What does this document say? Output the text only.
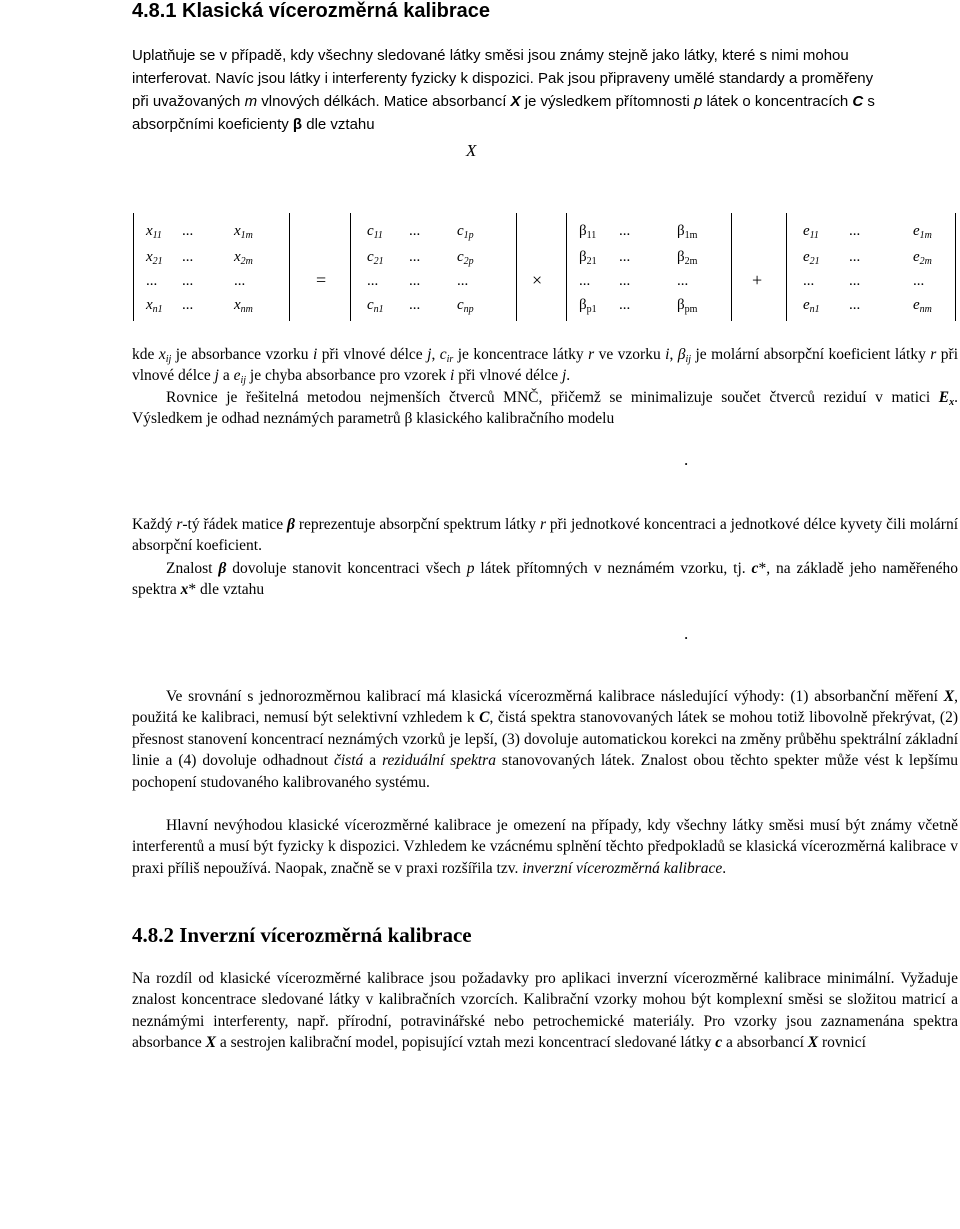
4.8.1 Klasická vícerozměrná kalibrace
Uplatňuje se v případě, kdy všechny sledované látky směsi jsou známy stejně jako látky, které s nimi mohou
interferovat. Navíc jsou látky i interferenty fyzicky k dispozici. Pak jsou připraveny umělé standardy a proměřeny
při uvažovaných m vlnových délkách. Matice absorbancí X je výsledkem přítomnosti p látek o koncentracích C s
absorpčními koeficienty β dle vztahu
X
$x_{11}$ ...	$x_{1m}$
$x_{21}$ ...	$x_{2m}$
... ...	...
$x_{n1}$ ...	$x_{nm}$
=
$c_{11}$ ... $c_{1p}$
$c_{21}$ ... $c_{2p}$
... ... ...
$c_{n1}$ ... $c_{np}$
×
$\beta_{11}$ ...	$\beta_{1m}$
$\beta_{21}$ ...	$\beta_{2m}$
... ...	...
$\beta_{p1}$ ...	$\beta_{pm}$
+
$e_{11}$ ...	$e_{1m}$
$e_{21}$ ...	$e_{2m}$
... ...	...
$e_{n1}$ ...	$e_{nm}$
kde $x_{ij}$ je absorbance vzorku i při vlnové délce j, $c_{ir}$ je koncentrace látky r ve vzorku i, $\beta_{ij}$ je molární absorpční koeficient látky r při vlnové délce j a $e_{ij}$ je chyba absorbance pro vzorek i při vlnové délce j.
Rovnice je řešitelná metodou nejmenších čtverců MNČ, přičemž se minimalizuje součet čtverců reziduí v matici $E_x$. Výsledkem je odhad neznámých parametrů β klasického kalibračního modelu
.
Každý r-tý řádek matice β reprezentuje absorpční spektrum látky r při jednotkové koncentraci a jednotkové délce kyvety čili molární absorpční koeficient.
Znalost β dovoluje stanovit koncentraci všech p látek přítomných v neznámém vzorku, tj. c*, na základě jeho naměřeného spektra x* dle vztahu
.
Ve srovnání s jednorozměrnou kalibrací má klasická vícerozměrná kalibrace následující výhody: (1) absorbanční měření X, použitá ke kalibraci, nemusí být selektivní vzhledem k C, čistá spektra stanovovaných látek se mohou totiž libovolně překrývat, (2) přesnost stanovení koncentrací neznámých vzorků je lepší, (3) dovoluje automatickou korekci na změny průběhu spektrální základní linie a (4) dovoluje odhadnout čistá a reziduální spektra stanovovaných látek. Znalost obou těchto spekter může vést k lepšímu pochopení studovaného kalibrovaného systému.
Hlavní nevýhodou klasické vícerozměrné kalibrace je omezení na případy, kdy všechny látky směsi musí být známy včetně interferentů a musí být fyzicky k dispozici. Vzhledem ke vzácnému splnění těchto předpokladů se klasická vícerozměrná kalibrace v praxi příliš nepoužívá. Naopak, značně se v praxi rozšířila tzv. inverzní vícerozměrná kalibrace.
4.8.2 Inverzní vícerozměrná kalibrace
Na rozdíl od klasické vícerozměrné kalibrace jsou požadavky pro aplikaci inverzní vícerozměrné kalibrace minimální. Vyžaduje znalost koncentrace sledované látky v kalibračních vzorcích. Kalibrační vzorky mohou být komplexní směsi se složitou matricí a neznámými interferenty, např. přírodní, potravinářské nebo petrochemické materiály. Pro vzorky jsou zaznamenána spektra absorbance X a sestrojen kalibrační model, popisující vztah mezi koncentrací sledované látky c a absorbancí X rovnicí
